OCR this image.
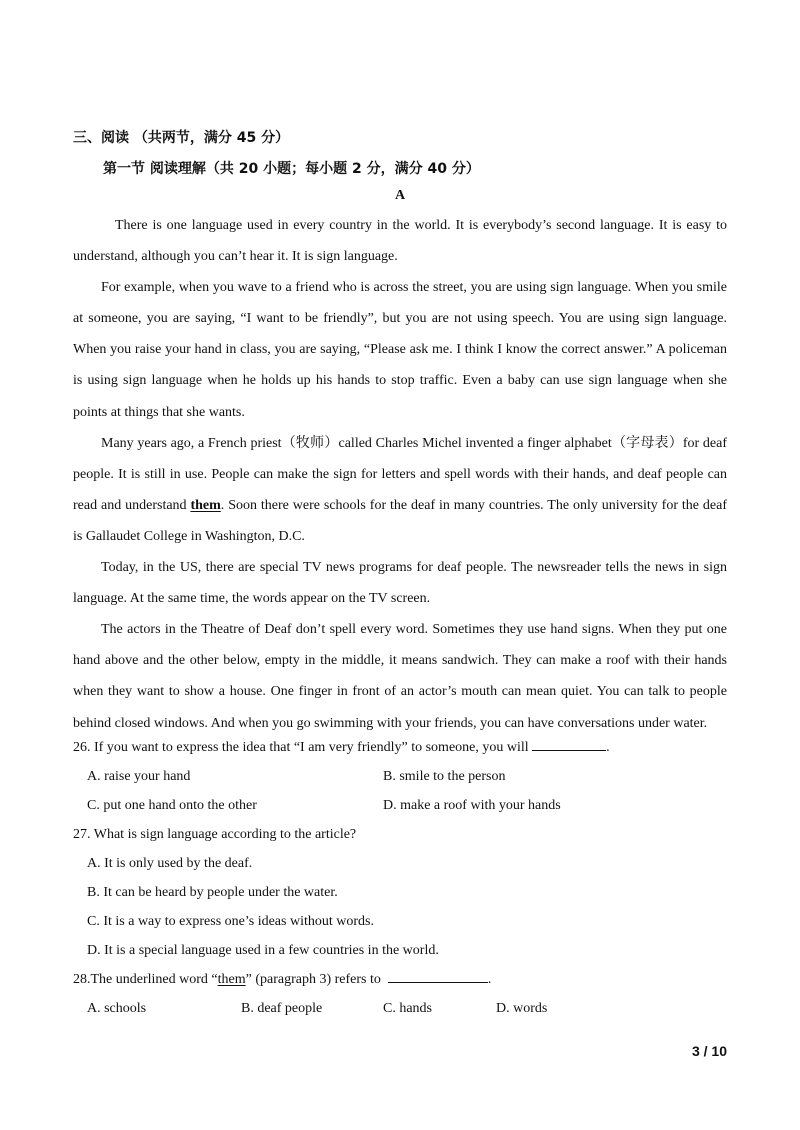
三、阅读 （共两节，满分 45 分）
第一节 阅读理解（共 20 小题；每小题 2 分，满分 40 分）
A

There is one language used in every country in the world. It is everybody’s second language. It is easy to understand, although you can’t hear it. It is sign language.

For example, when you wave to a friend who is across the street, you are using sign language. When you smile at someone, you are saying, “I want to be friendly”, but you are not using speech. You are using sign language. When you raise your hand in class, you are saying, “Please ask me. I think I know the correct answer.” A policeman is using sign language when he holds up his hands to stop traffic. Even a baby can use sign language when she points at things that she wants.

Many years ago, a French priest（牧师）called Charles Michel invented a finger alphabet（字母表）for deaf people. It is still in use. People can make the sign for letters and spell words with their hands, and deaf people can read and understand them. Soon there were schools for the deaf in many countries. The only university for the deaf is Gallaudet College in Washington, D.C.

Today, in the US, there are special TV news programs for deaf people. The newsreader tells the news in sign language. At the same time, the words appear on the TV screen.

The actors in the Theatre of Deaf don’t spell every word. Sometimes they use hand signs. When they put one hand above and the other below, empty in the middle, it means sandwich. They can make a roof with their hands when they want to show a house. One finger in front of an actor’s mouth can mean quiet. You can talk to people behind closed windows. And when you go swimming with your friends, you can have conversations under water.

26. If you want to express the idea that “I am very friendly” to someone, you will	.
A. raise your hand	B. smile to the person
C. put one hand onto the other	D. make a roof with your hands
27. What is sign language according to the article?
A. It is only used by the deaf.
B. It can be heard by people under the water.
C. It is a way to express one’s ideas without words.
D. It is a special language used in a few countries in the world.
28.The underlined word “them” (paragraph 3) refers to	.
A. schools	B. deaf people	C. hands	D. words
3 / 10
